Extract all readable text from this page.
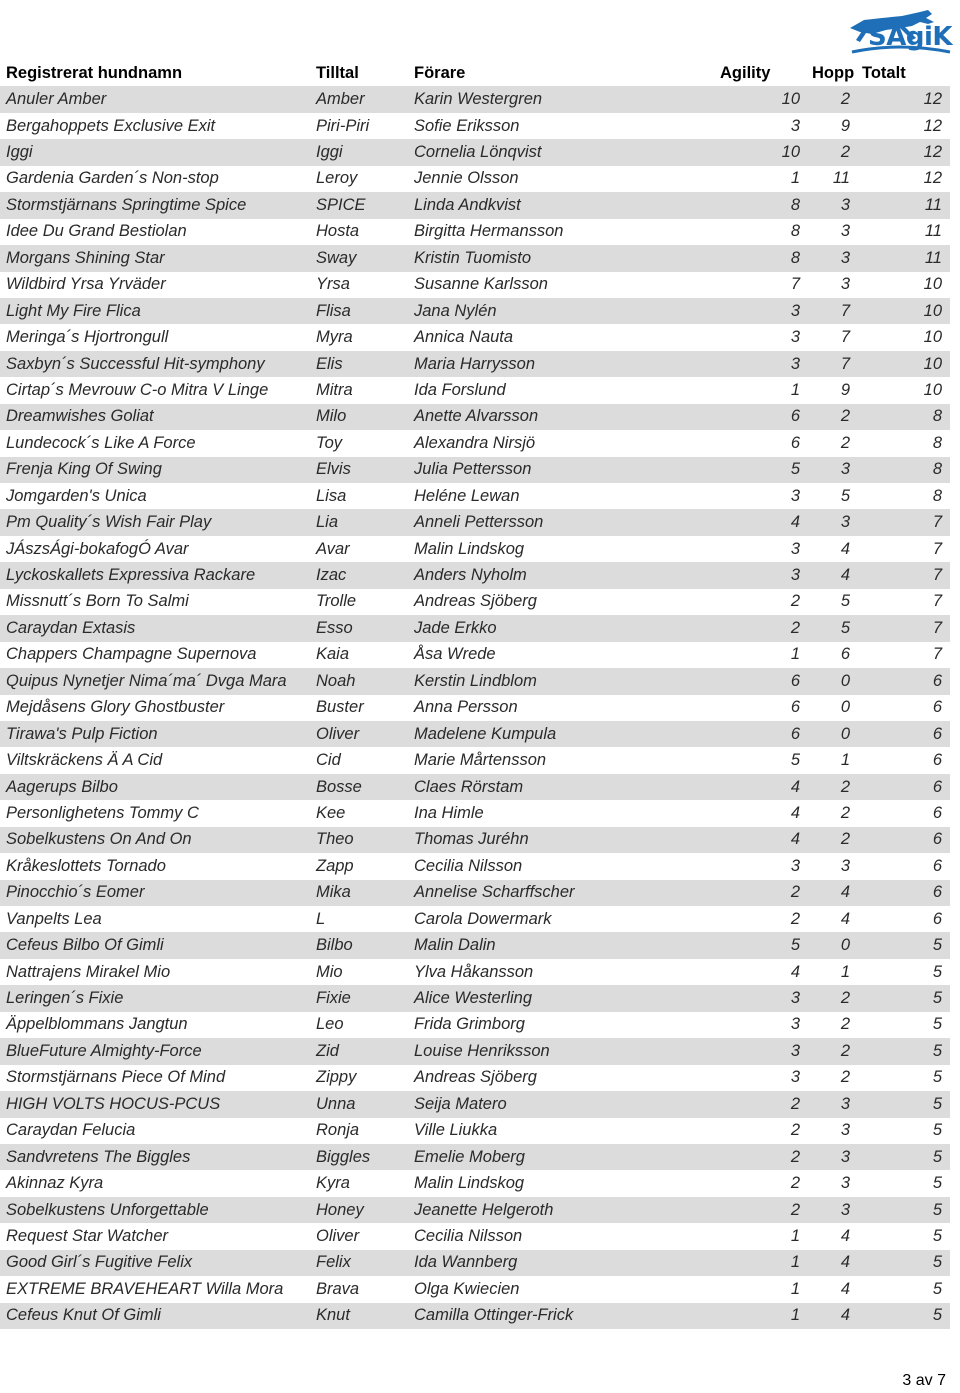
SAgiK
Registrerat hundnamn	Tilltal	Förare	Agility	Hopp	Totalt
Anuler Amber	Amber	Karin Westergren	10	2	12
Bergahoppets Exclusive Exit	Piri-Piri	Sofie Eriksson	3	9	12
Iggi	Iggi	Cornelia Lönqvist	10	2	12
Gardenia Garden´s Non-stop	Leroy	Jennie Olsson	1	11	12
Stormstjärnans Springtime Spice	SPICE	Linda Andkvist	8	3	11
Idee Du Grand Bestiolan	Hosta	Birgitta Hermansson	8	3	11
Morgans Shining Star	Sway	Kristin Tuomisto	8	3	11
Wildbird Yrsa Yrväder	Yrsa	Susanne Karlsson	7	3	10
Light My Fire Flica	Flisa	Jana Nylén	3	7	10
Meringa´s Hjortrongull	Myra	Annica Nauta	3	7	10
Saxbyn´s Successful Hit-symphony	Elis	Maria Harrysson	3	7	10
Cirtap´s Mevrouw C-o Mitra V Linge	Mitra	Ida Forslund	1	9	10
Dreamwishes Goliat	Milo	Anette Alvarsson	6	2	8
Lundecock´s Like A Force	Toy	Alexandra Nirsjö	6	2	8
Frenja King Of Swing	Elvis	Julia Pettersson	5	3	8
Jomgarden's Unica	Lisa	Heléne Lewan	3	5	8
Pm Quality´s Wish Fair Play	Lia	Anneli Pettersson	4	3	7
JÁszsÁgi-bokafogÓ Avar	Avar	Malin Lindskog	3	4	7
Lyckoskallets Expressiva Rackare	Izac	Anders Nyholm	3	4	7
Missnutt´s Born To Salmi	Trolle	Andreas Sjöberg	2	5	7
Caraydan Extasis	Esso	Jade Erkko	2	5	7
Chappers Champagne Supernova	Kaia	Åsa Wrede	1	6	7
Quipus Nynetjer Nima´ma´ Dvga Mara	Noah	Kerstin Lindblom	6	0	6
Mejdåsens Glory Ghostbuster	Buster	Anna Persson	6	0	6
Tirawa's Pulp Fiction	Oliver	Madelene Kumpula	6	0	6
Viltskräckens Ä A Cid	Cid	Marie Mårtensson	5	1	6
Aagerups Bilbo	Bosse	Claes Rörstam	4	2	6
Personlighetens Tommy C	Kee	Ina Himle	4	2	6
Sobelkustens On And On	Theo	Thomas Juréhn	4	2	6
Kråkeslottets Tornado	Zapp	Cecilia Nilsson	3	3	6
Pinocchio´s Eomer	Mika	Annelise Scharffscher	2	4	6
Vanpelts Lea	L	Carola Dowermark	2	4	6
Cefeus Bilbo Of Gimli	Bilbo	Malin Dalin	5	0	5
Nattrajens Mirakel Mio	Mio	Ylva Håkansson	4	1	5
Leringen´s Fixie	Fixie	Alice Westerling	3	2	5
Äppelblommans Jangtun	Leo	Frida Grimborg	3	2	5
BlueFuture Almighty-Force	Zid	Louise Henriksson	3	2	5
Stormstjärnans Piece Of Mind	Zippy	Andreas Sjöberg	3	2	5
HIGH VOLTS HOCUS-PCUS	Unna	Seija Matero	2	3	5
Caraydan Felucia	Ronja	Ville Liukka	2	3	5
Sandvretens The Biggles	Biggles	Emelie Moberg	2	3	5
Akinnaz Kyra	Kyra	Malin Lindskog	2	3	5
Sobelkustens Unforgettable	Honey	Jeanette Helgeroth	2	3	5
Request Star Watcher	Oliver	Cecilia Nilsson	1	4	5
Good Girl´s Fugitive Felix	Felix	Ida Wannberg	1	4	5
EXTREME BRAVEHEART Willa Mora	Brava	Olga Kwiecien	1	4	5
Cefeus Knut Of Gimli	Knut	Camilla Ottinger-Frick	1	4	5
3 av 7
